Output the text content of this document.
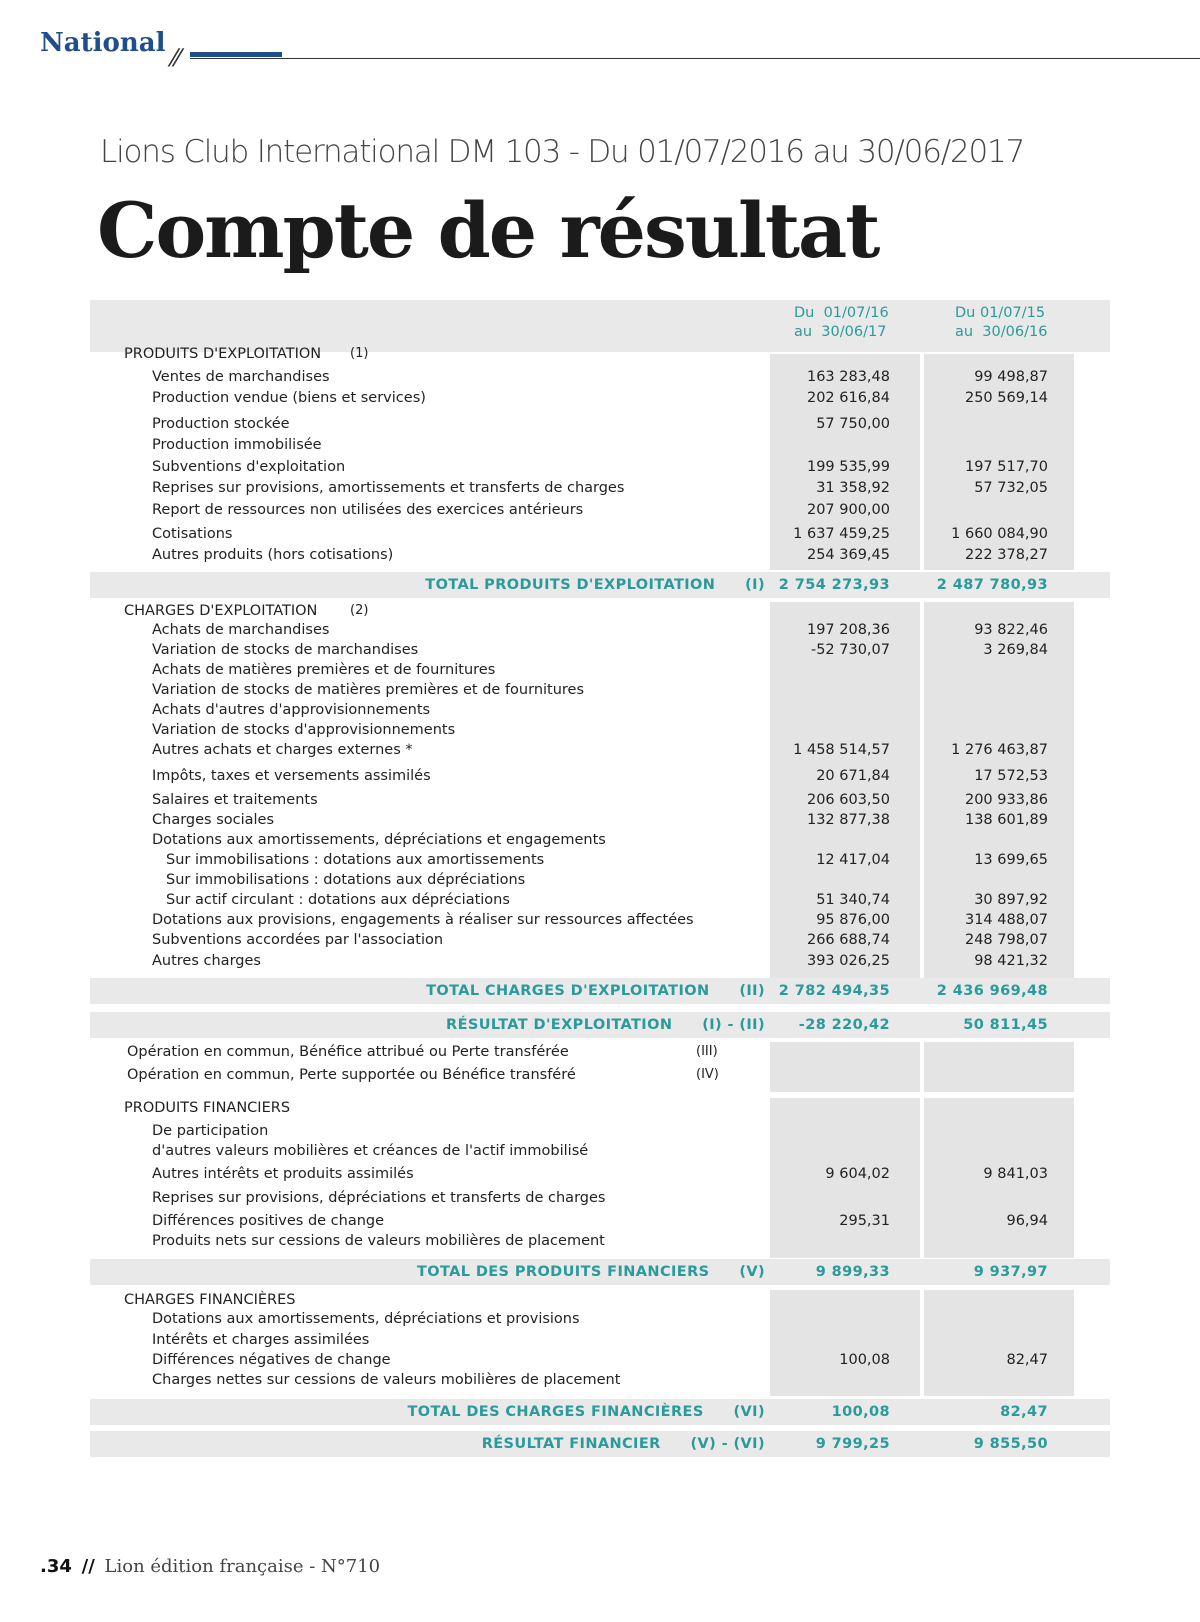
National ⁄⁄
Lions Club International DM 103 - Du 01/07/2016 au 30/06/2017
Compte de résultat
Du  01/07/16
au  30/06/17
Du 01/07/15
au  30/06/16
PRODUITS D'EXPLOITATION (1)
Ventes de marchandises	163 283,48	99 498,87
Production vendue (biens et services)	202 616,84	250 569,14
Production stockée	57 750,00
Production immobilisée
Subventions d'exploitation	199 535,99	197 517,70
Reprises sur provisions, amortissements et transferts de charges	31 358,92	57 732,05
Report de ressources non utilisées des exercices antérieurs	207 900,00
Cotisations	1 637 459,25	1 660 084,90
Autres produits (hors cotisations)	254 369,45	222 378,27
TOTAL PRODUITS D'EXPLOITATION   (I) 2 754 273,93	2 487 780,93
CHARGES D'EXPLOITATION	(2)
Achats de marchandises	197 208,36	93 822,46
Variation de stocks de marchandises	-52 730,07	3 269,84
Achats de matières premières et de fournitures
Variation de stocks de matières premières et de fournitures
Achats d'autres d'approvisionnements
Variation de stocks d'approvisionnements
Autres achats et charges externes *	1 458 514,57	1 276 463,87
Impôts, taxes et versements assimilés	20 671,84	17 572,53
Salaires et traitements	206 603,50	200 933,86
Charges sociales	132 877,38	138 601,89
Dotations aux amortissements, dépréciations et engagements
Sur immobilisations : dotations aux amortissements	12 417,04	13 699,65
Sur immobilisations : dotations aux dépréciations
Sur actif circulant : dotations aux dépréciations	51 340,74	30 897,92
Dotations aux provisions, engagements à réaliser sur ressources affectées	95 876,00	314 488,07
Subventions accordées par l'association	266 688,74	248 798,07
Autres charges	393 026,25	98 421,32
TOTAL CHARGES D'EXPLOITATION   (II) 2 782 494,35	2 436 969,48
RÉSULTAT D'EXPLOITATION   (I) - (II)	-28 220,42	50 811,45
Opération en commun, Bénéfice attribué ou Perte transférée	(III)
Opération en commun, Perte supportée ou Bénéfice transféré	(IV)
PRODUITS FINANCIERS
De participation
d'autres valeurs mobilières et créances de l'actif immobilisé
Autres intérêts et produits assimilés	9 604,02	9 841,03
Reprises sur provisions, dépréciations et transferts de charges
Différences positives de change	295,31	96,94
Produits nets sur cessions de valeurs mobilières de placement
TOTAL DES PRODUITS FINANCIERS   (V)	9 899,33	9 937,97
CHARGES FINANCIÈRES
Dotations aux amortissements, dépréciations et provisions
Intérêts et charges assimilées
Différences négatives de change	100,08	82,47
Charges nettes sur cessions de valeurs mobilières de placement
TOTAL DES CHARGES FINANCIÈRES   (VI)	100,08	82,47
RÉSULTAT FINANCIER   (V) - (VI)	9 799,25	9 855,50
.34 // Lion édition française - N°710
